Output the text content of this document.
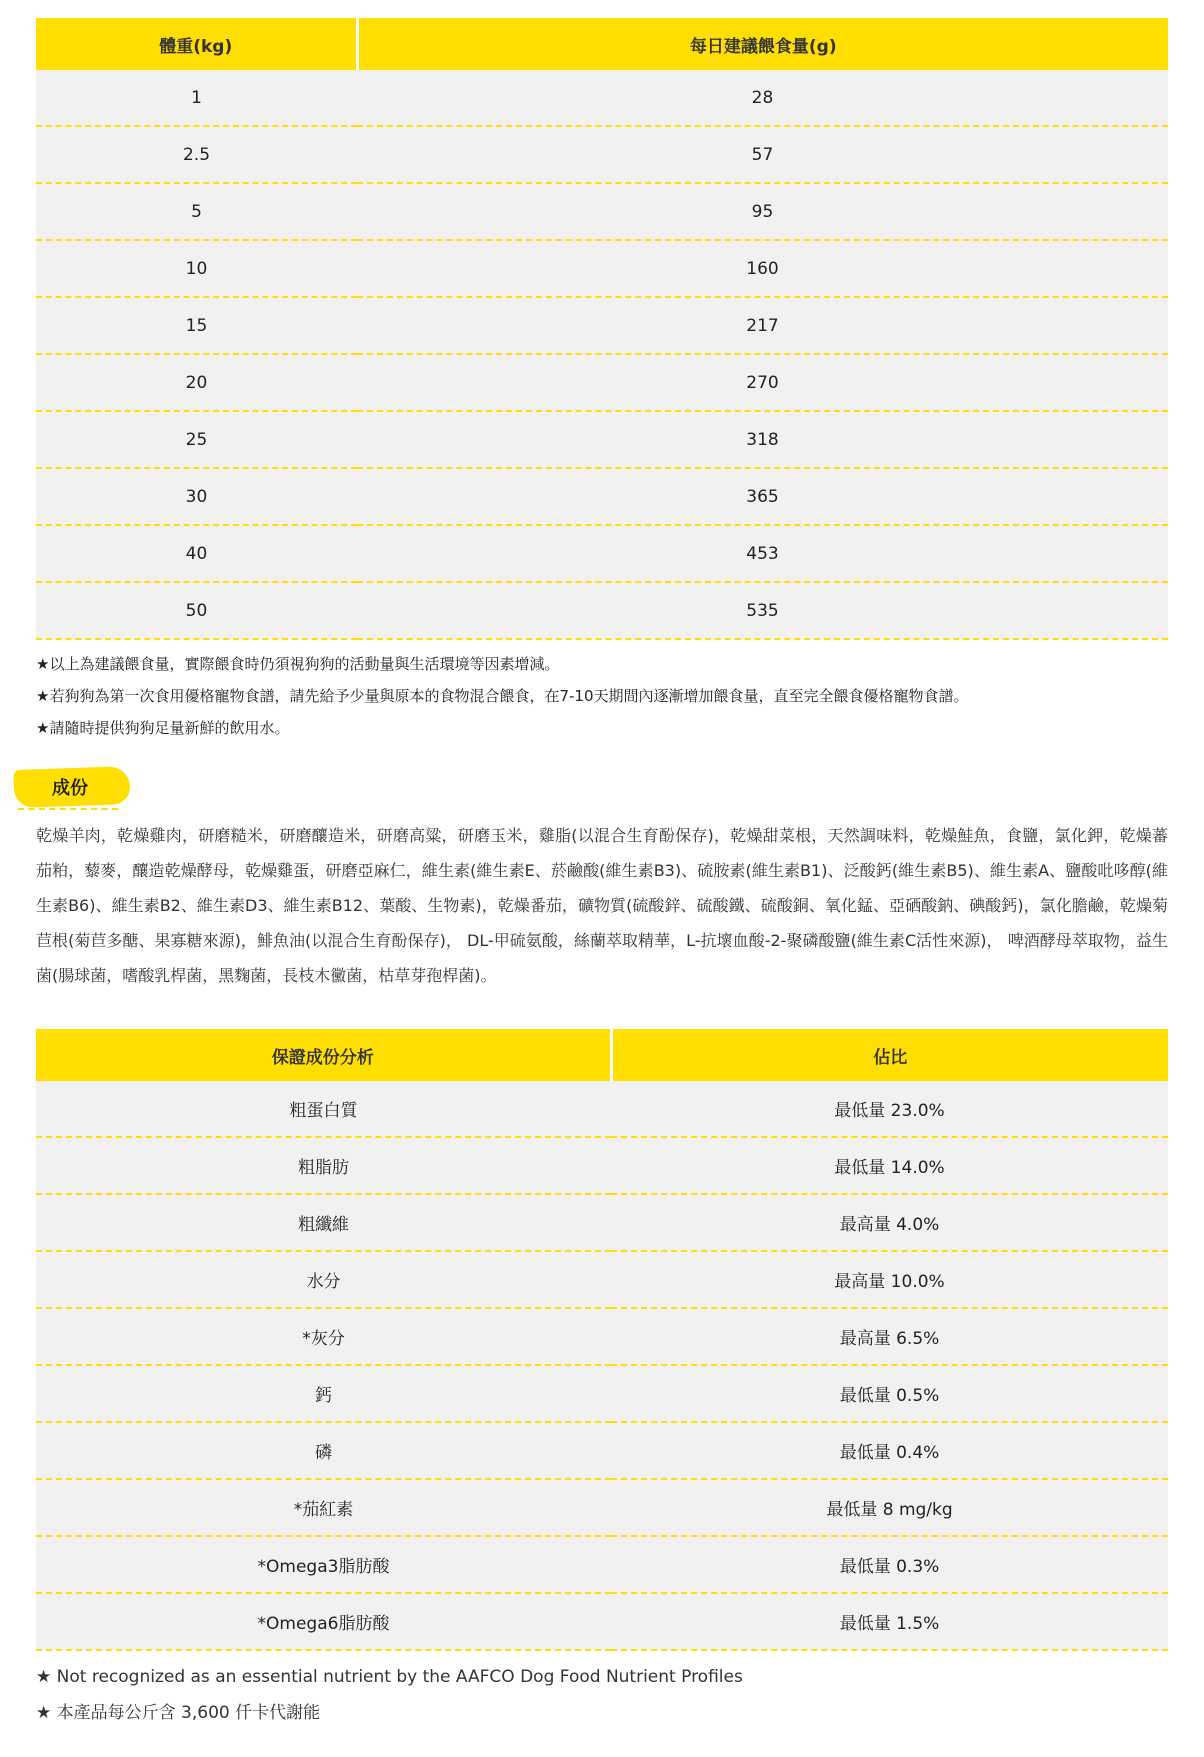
體重(kg)	每日建議餵食量(g)
1	28
2.5	57
5	95
10	160
15	217
20	270
25	318
30	365
40	453
50	535
★以上為建議餵食量，實際餵食時仍須視狗狗的活動量與生活環境等因素增減。
★若狗狗為第一次食用優格寵物食譜，請先給予少量與原本的食物混合餵食，在7-10天期間內逐漸增加餵食量，直至完全餵食優格寵物食譜。
★請隨時提供狗狗足量新鮮的飲用水。
成份
乾燥羊肉，乾燥雞肉，研磨糙米，研磨釀造米，研磨高粱，研磨玉米，雞脂(以混合生育酚保存)，乾燥甜菜根，天然調味料，乾燥鮭魚，食鹽，氯化鉀，乾燥蕃茄粕，藜麥，釀造乾燥酵母，乾燥雞蛋，研磨亞麻仁，維生素(維生素E、菸鹼酸(維生素B3)、硫胺素(維生素B1)、泛酸鈣(維生素B5)、維生素A、鹽酸吡哆醇(維生素B6)、維生素B2、維生素D3、維生素B12、葉酸、生物素)，乾燥番茄，礦物質(硫酸鋅、硫酸鐵、硫酸銅、氧化錳、亞硒酸鈉、碘酸鈣)，氯化膽鹼，乾燥菊苣根(菊苣多醣、果寡糖來源)，鯡魚油(以混合生育酚保存)， DL-甲硫氨酸，絲蘭萃取精華，L-抗壞血酸-2-聚磷酸鹽(維生素C活性來源)， 啤酒酵母萃取物，益生菌(腸球菌，嗜酸乳桿菌，黑麴菌，長枝木黴菌，枯草芽孢桿菌)。
保證成份分析	佔比
粗蛋白質	最低量 23.0%
粗脂肪	最低量 14.0%
粗纖維	最高量 4.0%
水分	最高量 10.0%
*灰分	最高量 6.5%
鈣	最低量 0.5%
磷	最低量 0.4%
*茄紅素	最低量 8 mg/kg
*Omega3脂肪酸	最低量 0.3%
*Omega6脂肪酸	最低量 1.5%
★ Not recognized as an essential nutrient by the AAFCO Dog Food Nutrient Profiles
★ 本產品每公斤含 3,600 仟卡代謝能
